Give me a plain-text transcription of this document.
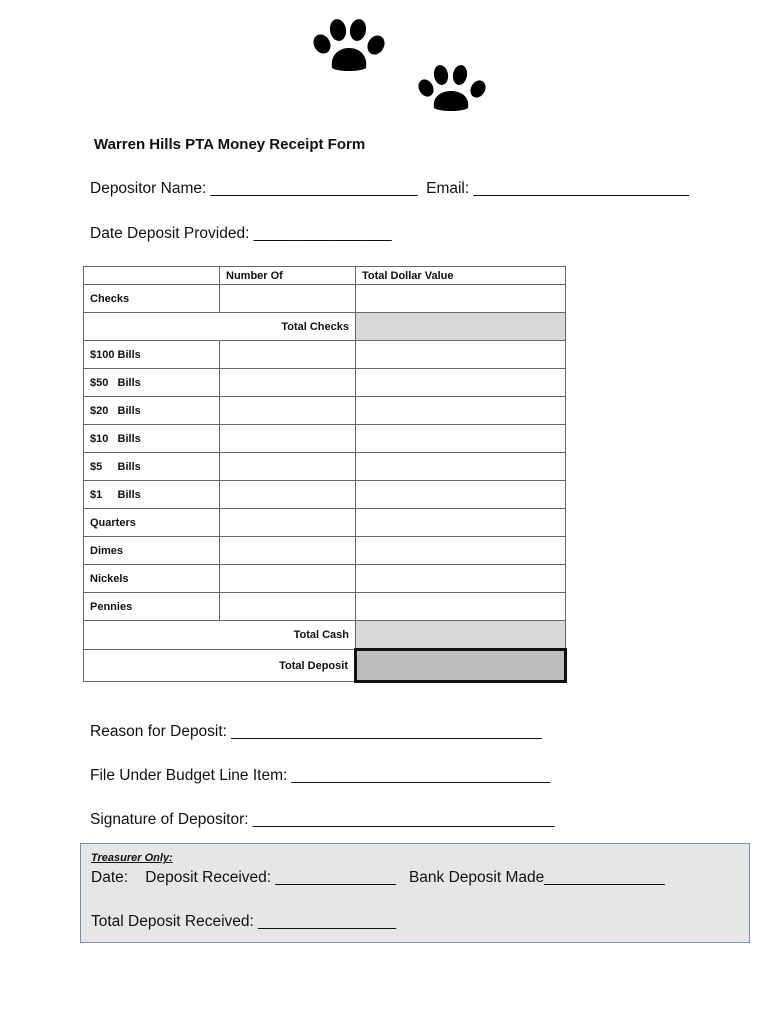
Warren Hills PTA Money Receipt Form
Depositor Name: ________________________  Email: _________________________
Date Deposit Provided: ________________
	Number Of	Total Dollar Value
Checks		
Total Checks		
$100 Bills		
$50   Bills		
$20   Bills		
$10   Bills		
$5     Bills		
$1     Bills		
Quarters		
Dimes		
Nickels		
Pennies		
Total Cash		
Total Deposit		
Reason for Deposit: ____________________________________
File Under Budget Line Item: ______________________________
Signature of Depositor: ___________________________________
Treasurer Only:
Date:    Deposit Received: ______________   Bank Deposit Made______________
Total Deposit Received: ________________
